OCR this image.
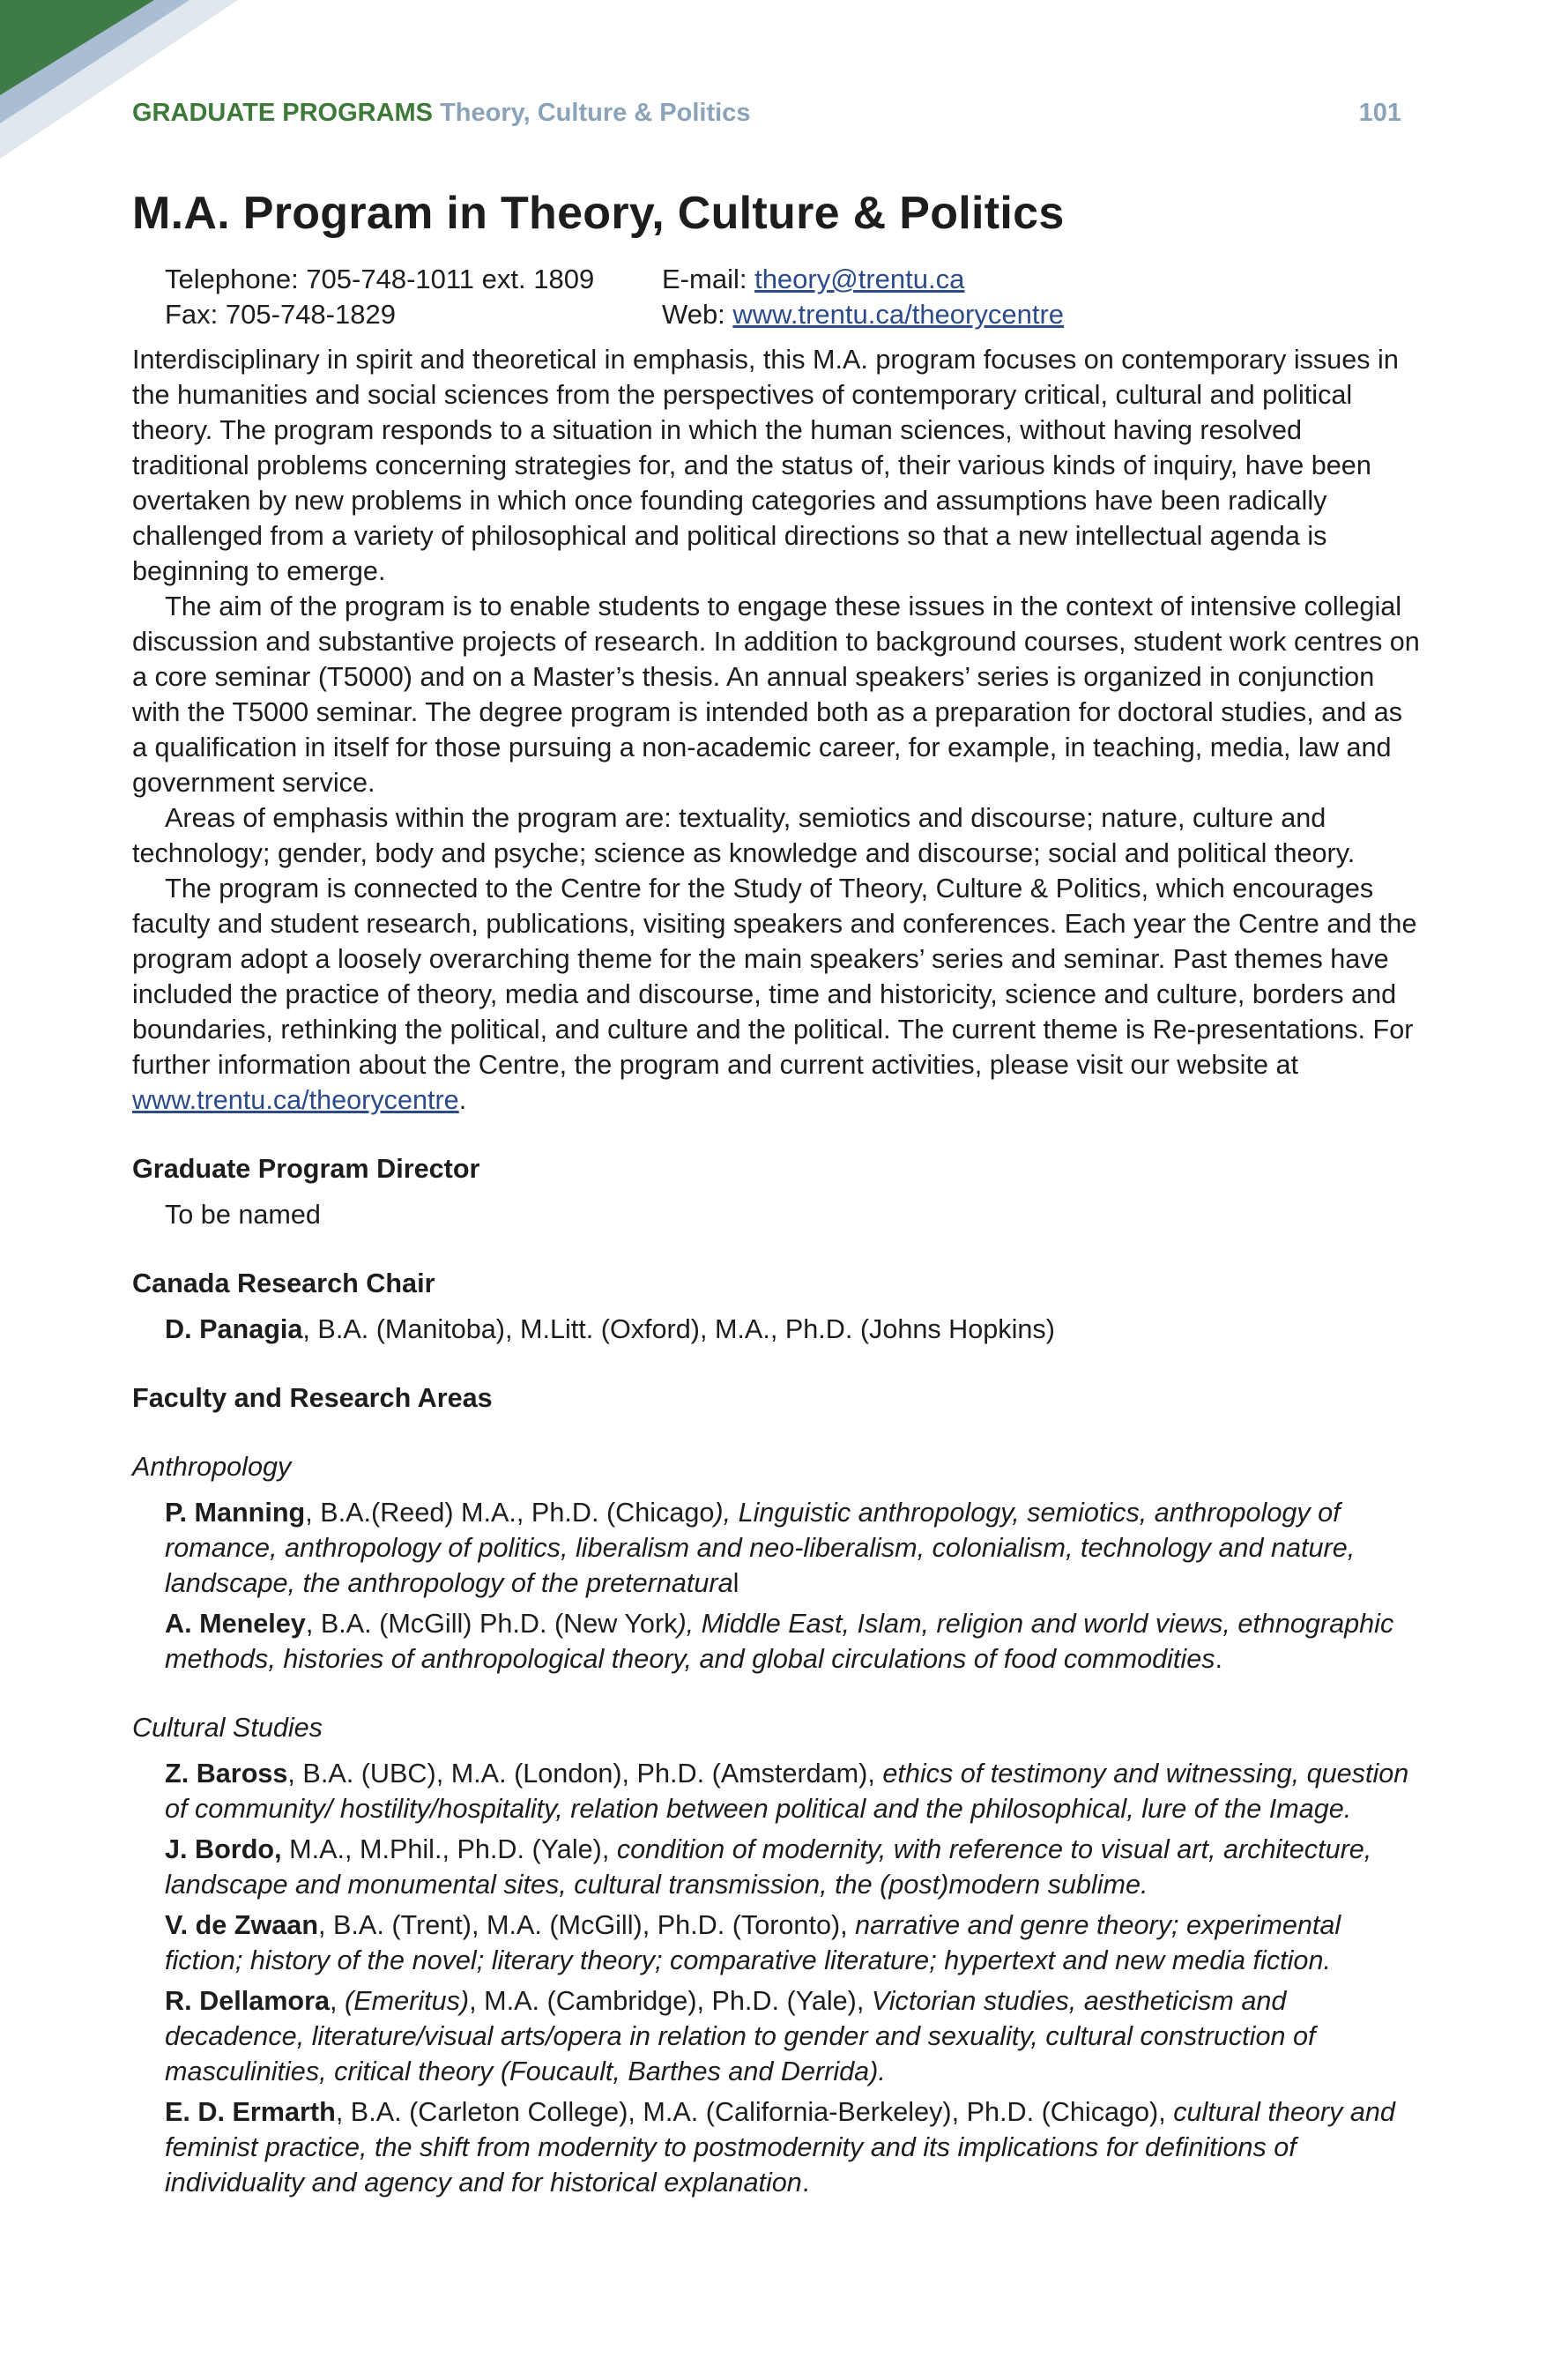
GRADUATE PROGRAMS Theory, Culture & Politics	101
M.A. Program in Theory, Culture & Politics
Telephone: 705-748-1011 ext. 1809
Fax: 705-748-1829
E-mail: theory@trentu.ca
Web: www.trentu.ca/theorycentre

Interdisciplinary in spirit and theoretical in emphasis, this M.A. program focuses on contemporary issues in the humanities and social sciences from the perspectives of contemporary critical, cultural and political theory. The program responds to a situation in which the human sciences, without having resolved traditional problems concerning strategies for, and the status of, their various kinds of inquiry, have been overtaken by new problems in which once founding categories and assumptions have been radically challenged from a variety of philosophical and political directions so that a new intellectual agenda is beginning to emerge.

The aim of the program is to enable students to engage these issues in the context of intensive collegial discussion and substantive projects of research. In addition to background courses, student work centres on a core seminar (T5000) and on a Master’s thesis. An annual speakers’ series is organized in conjunction with the T5000 seminar. The degree program is intended both as a preparation for doctoral studies, and as a qualification in itself for those pursuing a non-academic career, for example, in teaching, media, law and government service.

Areas of emphasis within the program are: textuality, semiotics and discourse; nature, culture and technology; gender, body and psyche; science as knowledge and discourse; social and political theory.

The program is connected to the Centre for the Study of Theory, Culture & Politics, which encourages faculty and student research, publications, visiting speakers and conferences. Each year the Centre and the program adopt a loosely overarching theme for the main speakers’ series and seminar. Past themes have included the practice of theory, media and discourse, time and historicity, science and culture, borders and boundaries, rethinking the political, and culture and the political. The current theme is Re-presentations. For further information about the Centre, the program and current activities, please visit our website at www.trentu.ca/theorycentre.

Graduate Program Director

To be named

Canada Research Chair

D. Panagia, B.A. (Manitoba), M.Litt. (Oxford), M.A., Ph.D. (Johns Hopkins)

Faculty and Research Areas

Anthropology

P. Manning, B.A.(Reed) M.A., Ph.D. (Chicago), Linguistic anthropology, semiotics, anthropology of romance, anthropology of politics, liberalism and neo-liberalism, colonialism, technology and nature, landscape, the anthropology of the preternatural

A. Meneley, B.A. (McGill) Ph.D. (New York), Middle East, Islam, religion and world views, ethnographic methods, histories of anthropological theory, and global circulations of food commodities.

Cultural Studies

Z. Baross, B.A. (UBC), M.A. (London), Ph.D. (Amsterdam), ethics of testimony and witnessing, question of community/ hostility/hospitality, relation between political and the philosophical, lure of the Image.

J. Bordo, M.A., M.Phil., Ph.D. (Yale), condition of modernity, with reference to visual art, architecture, landscape and monumental sites, cultural transmission, the (post)modern sublime.

V. de Zwaan, B.A. (Trent), M.A. (McGill), Ph.D. (Toronto), narrative and genre theory; experimental fiction; history of the novel; literary theory; comparative literature; hypertext and new media fiction.

R. Dellamora, (Emeritus), M.A. (Cambridge), Ph.D. (Yale), Victorian studies, aestheticism and decadence, literature/visual arts/opera in relation to gender and sexuality, cultural construction of masculinities, critical theory (Foucault, Barthes and Derrida).

E. D. Ermarth, B.A. (Carleton College), M.A. (California-Berkeley), Ph.D. (Chicago), cultural theory and feminist practice, the shift from modernity to postmodernity and its implications for definitions of individuality and agency and for historical explanation.
